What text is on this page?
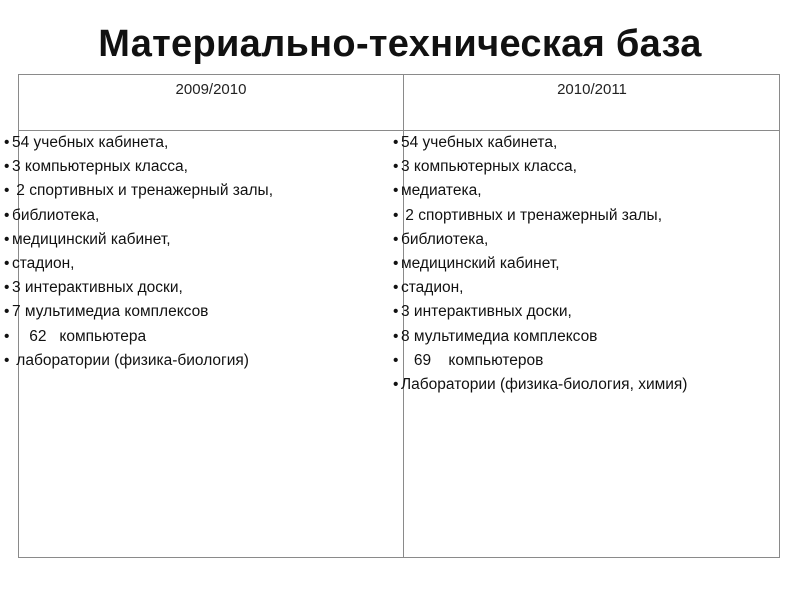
Материально-техническая база
2009/2010	2010/2011
• 54 учебных кабинета,
• 3 компьютерных класса,
• 2 спортивных и тренажерный залы,
• библиотека,
• медицинский кабинет,
• стадион,
• 3 интерактивных доски,
• 7 мультимедиа комплексов
•    62   компьютера
• лаборатории (физика-биология)
• 54 учебных кабинета,
• 3 компьютерных класса,
• медиатека,
• 2 спортивных и тренажерный залы,
• библиотека,
• медицинский кабинет,
• стадион,
• 3 интерактивных доски,
• 8 мультимедиа комплексов
•   69    компьютеров
• Лаборатории (физика-биология, химия)
